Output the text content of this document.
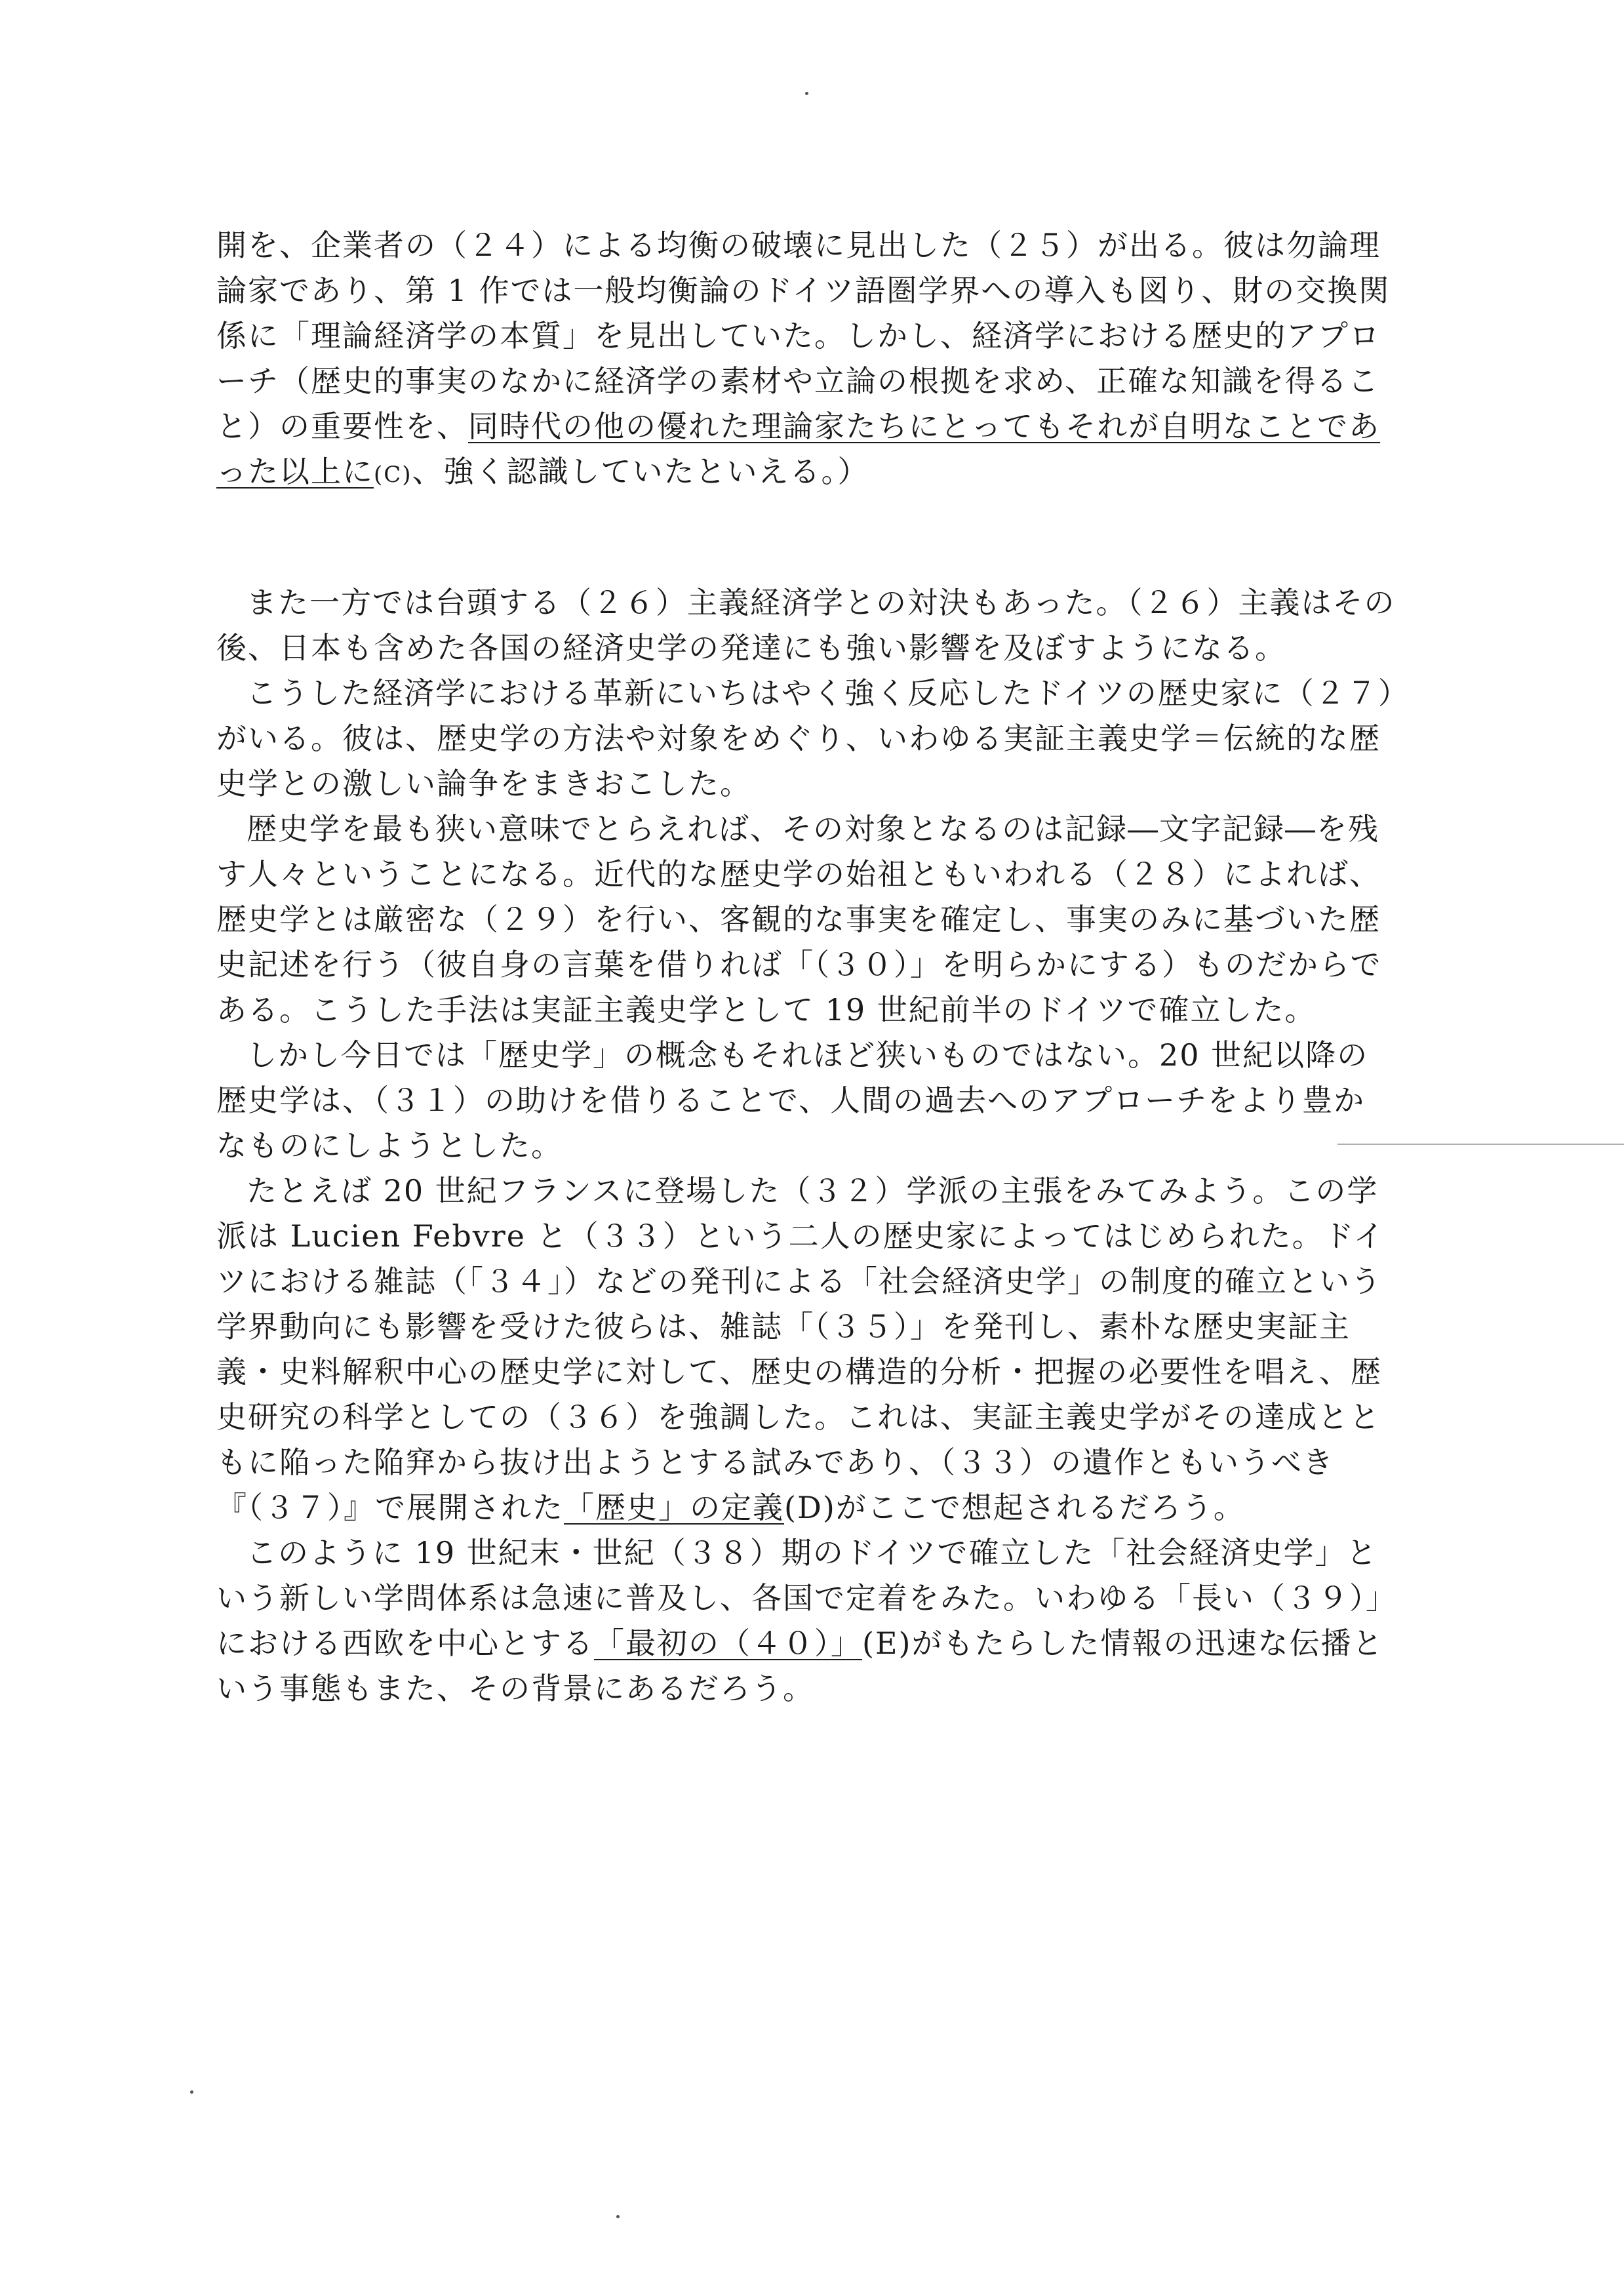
開を、企業者の（２４）による均衡の破壊に見出した（２５）が出る。彼は勿論理論家であり、第 1 作では一般均衡論のドイツ語圏学界への導入も図り、財の交換関係に「理論経済学の本質」を見出していた。しかし、経済学における歴史的アプローチ（歴史的事実のなかに経済学の素材や立論の根拠を求め、正確な知識を得ること）の重要性を、同時代の他の優れた理論家たちにとってもそれが自明なことであった以上に(C)、強く認識していたといえる。）

また一方では台頭する（２６）主義経済学との対決もあった。（２６）主義はその後、日本も含めた各国の経済史学の発達にも強い影響を及ぼすようになる。

こうした経済学における革新にいちはやく強く反応したドイツの歴史家に（２７）がいる。彼は、歴史学の方法や対象をめぐり、いわゆる実証主義史学＝伝統的な歴史学との激しい論争をまきおこした。

歴史学を最も狭い意味でとらえれば、その対象となるのは記録―文字記録―を残す人々ということになる。近代的な歴史学の始祖ともいわれる（２８）によれば、歴史学とは厳密な（２９）を行い、客観的な事実を確定し、事実のみに基づいた歴史記述を行う（彼自身の言葉を借りれば「（３０）」を明らかにする）ものだからである。こうした手法は実証主義史学として 19 世紀前半のドイツで確立した。

しかし今日では「歴史学」の概念もそれほど狭いものではない。20 世紀以降の歴史学は、（３１）の助けを借りることで、人間の過去へのアプローチをより豊かなものにしようとした。

たとえば 20 世紀フランスに登場した（３２）学派の主張をみてみよう。この学派は Lucien Febvre と（３３）という二人の歴史家によってはじめられた。ドイツにおける雑誌（「３４」）などの発刊による「社会経済史学」の制度的確立という学界動向にも影響を受けた彼らは、雑誌「（３５）」を発刊し、素朴な歴史実証主義・史料解釈中心の歴史学に対して、歴史の構造的分析・把握の必要性を唱え、歴史研究の科学としての（３６）を強調した。これは、実証主義史学がその達成とともに陥った陥穽から抜け出ようとする試みであり、（３３）の遺作ともいうべき『（３７）』で展開された「歴史」の定義(D)がここで想起されるだろう。

このように 19 世紀末・世紀（３８）期のドイツで確立した「社会経済史学」という新しい学問体系は急速に普及し、各国で定着をみた。いわゆる「長い（３９）」における西欧を中心とする「最初の（４０）」(E)がもたらした情報の迅速な伝播という事態もまた、その背景にあるだろう。
